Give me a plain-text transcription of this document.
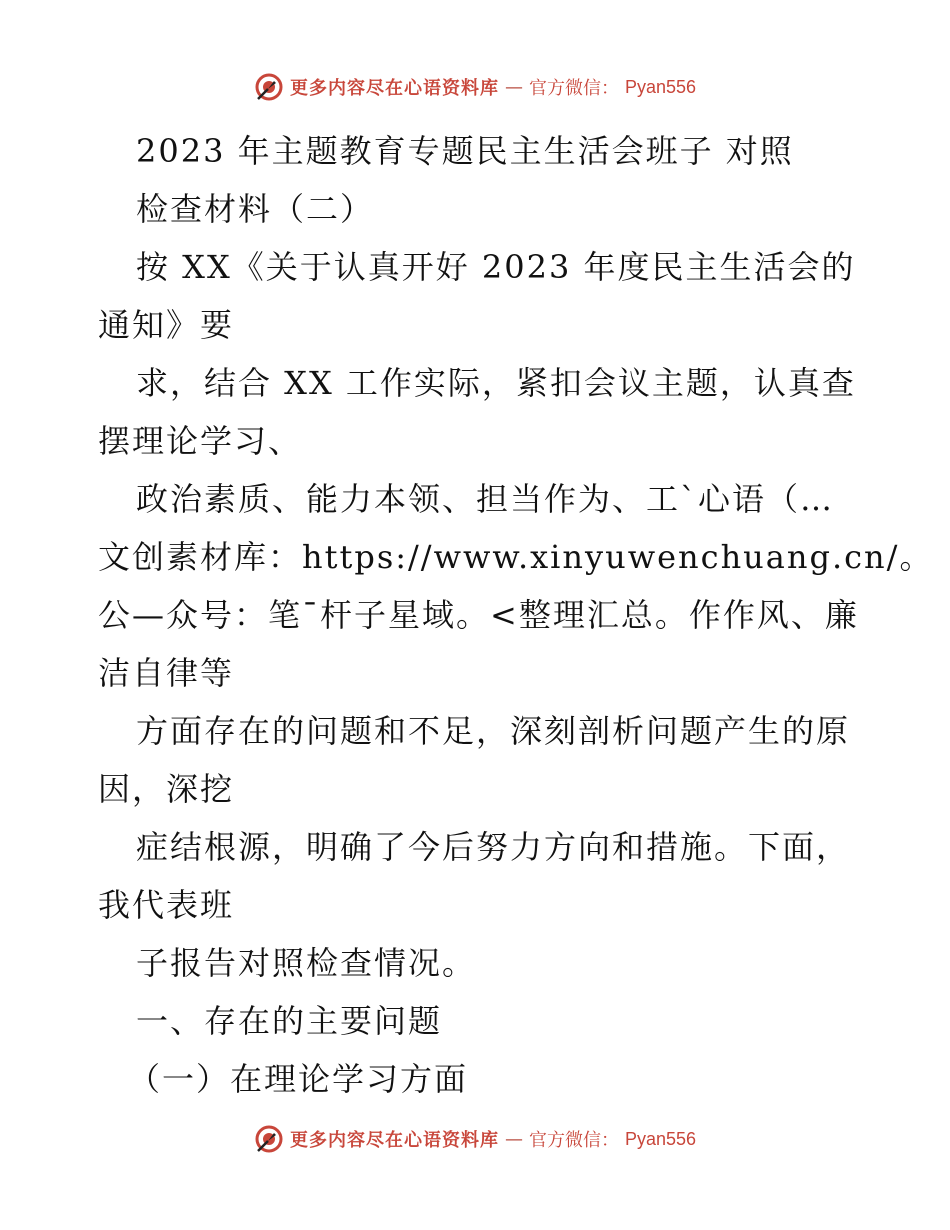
更多内容尽在心语资料库 — 官方微信： Pyan556
2023 年主题教育专题民主生活会班子 对照
检查材料（二）
按 XX《关于认真开好 2023 年度民主生活会的
通知》要
求，结合 XX 工作实际，紧扣会议主题，认真查
摆理论学习、
政治素质、能力本领、担当作为、工`心语（…
文创素材库：https://www.xinyuwenchuang.cn/。
公—众号：笔¯杆子星域。<整理汇总。作作风、廉
洁自律等
方面存在的问题和不足，深刻剖析问题产生的原
因，深挖
症结根源，明确了今后努力方向和措施。下面，
我代表班
子报告对照检查情况。
一、存在的主要问题
（一）在理论学习方面
更多内容尽在心语资料库 — 官方微信： Pyan556
